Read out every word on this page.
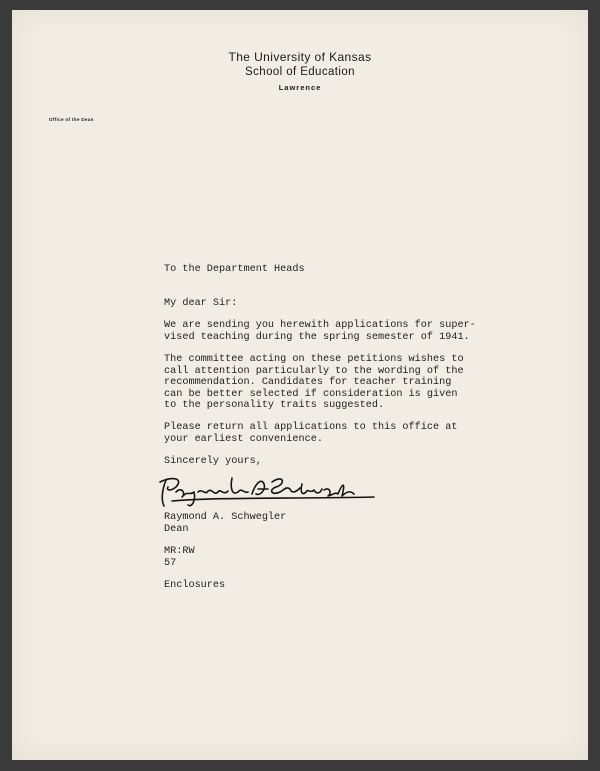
The University of Kansas
School of Education
Lawrence
Office of the Dean
To the Department Heads
My dear Sir:
We are sending you herewith applications for super-
vised teaching during the spring semester of 1941.
The committee acting on these petitions wishes to
call attention particularly to the wording of the
recommendation. Candidates for teacher training
can be better selected if consideration is given
to the personality traits suggested.
Please return all applications to this office at
your earliest convenience.
Sincerely yours,
Raymond A. Schwegler
Dean
MR:RW
57
Enclosures
